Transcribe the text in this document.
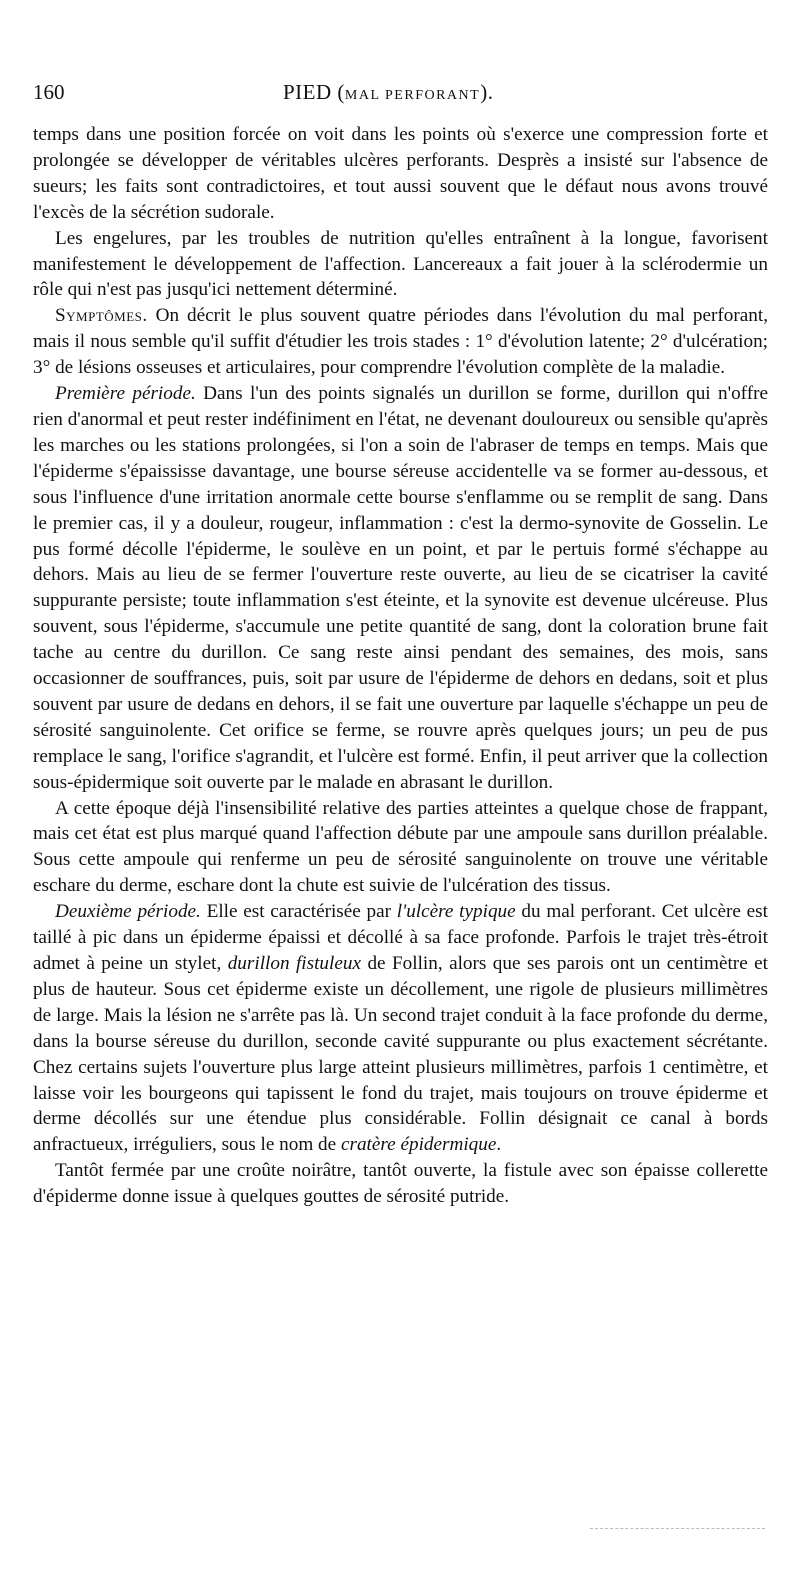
160	PIED (MAL PERFORANT).

temps dans une position forcée on voit dans les points où s'exerce une compression forte et prolongée se développer de véritables ulcères perforants. Desprès a insisté sur l'absence de sueurs; les faits sont contradictoires, et tout aussi souvent que le défaut nous avons trouvé l'excès de la sécrétion sudorale.

Les engelures, par les troubles de nutrition qu'elles entraînent à la longue, favorisent manifestement le développement de l'affection. Lancereaux a fait jouer à la sclérodermie un rôle qui n'est pas jusqu'ici nettement déterminé.

Symptômes. On décrit le plus souvent quatre périodes dans l'évolution du mal perforant, mais il nous semble qu'il suffit d'étudier les trois stades : 1° d'évolution latente; 2° d'ulcération; 3° de lésions osseuses et articulaires, pour comprendre l'évolution complète de la maladie.

Première période. Dans l'un des points signalés un durillon se forme, durillon qui n'offre rien d'anormal et peut rester indéfiniment en l'état, ne devenant douloureux ou sensible qu'après les marches ou les stations prolongées, si l'on a soin de l'abraser de temps en temps. Mais que l'épiderme s'épaississe davantage, une bourse séreuse accidentelle va se former au-dessous, et sous l'influence d'une irritation anormale cette bourse s'enflamme ou se remplit de sang. Dans le premier cas, il y a douleur, rougeur, inflammation : c'est la dermo-synovite de Gosselin. Le pus formé décolle l'épiderme, le soulève en un point, et par le pertuis formé s'échappe au dehors. Mais au lieu de se fermer l'ouverture reste ouverte, au lieu de se cicatriser la cavité suppurante persiste; toute inflammation s'est éteinte, et la synovite est devenue ulcéreuse. Plus souvent, sous l'épiderme, s'accumule une petite quantité de sang, dont la coloration brune fait tache au centre du durillon. Ce sang reste ainsi pendant des semaines, des mois, sans occasionner de souffrances, puis, soit par usure de l'épiderme de dehors en dedans, soit et plus souvent par usure de dedans en dehors, il se fait une ouverture par laquelle s'échappe un peu de sérosité sanguinolente. Cet orifice se ferme, se rouvre après quelques jours; un peu de pus remplace le sang, l'orifice s'agrandit, et l'ulcère est formé. Enfin, il peut arriver que la collection sous-épidermique soit ouverte par le malade en abrasant le durillon.

A cette époque déjà l'insensibilité relative des parties atteintes a quelque chose de frappant, mais cet état est plus marqué quand l'affection débute par une ampoule sans durillon préalable. Sous cette ampoule qui renferme un peu de sérosité sanguinolente on trouve une véritable eschare du derme, eschare dont la chute est suivie de l'ulcération des tissus.

Deuxième période. Elle est caractérisée par l'ulcère typique du mal perforant. Cet ulcère est taillé à pic dans un épiderme épaissi et décollé à sa face profonde. Parfois le trajet très-étroit admet à peine un stylet, durillon fistuleux de Follin, alors que ses parois ont un centimètre et plus de hauteur. Sous cet épiderme existe un décollement, une rigole de plusieurs millimètres de large. Mais la lésion ne s'arrête pas là. Un second trajet conduit à la face profonde du derme, dans la bourse séreuse du durillon, seconde cavité suppurante ou plus exactement sécrétante. Chez certains sujets l'ouverture plus large atteint plusieurs millimètres, parfois 1 centimètre, et laisse voir les bourgeons qui tapissent le fond du trajet, mais toujours on trouve épiderme et derme décollés sur une étendue plus considérable. Follin désignait ce canal à bords anfractueux, irréguliers, sous le nom de cratère épidermique.

Tantôt fermée par une croûte noirâtre, tantôt ouverte, la fistule avec son épaisse collerette d'épiderme donne issue à quelques gouttes de sérosité putride.
